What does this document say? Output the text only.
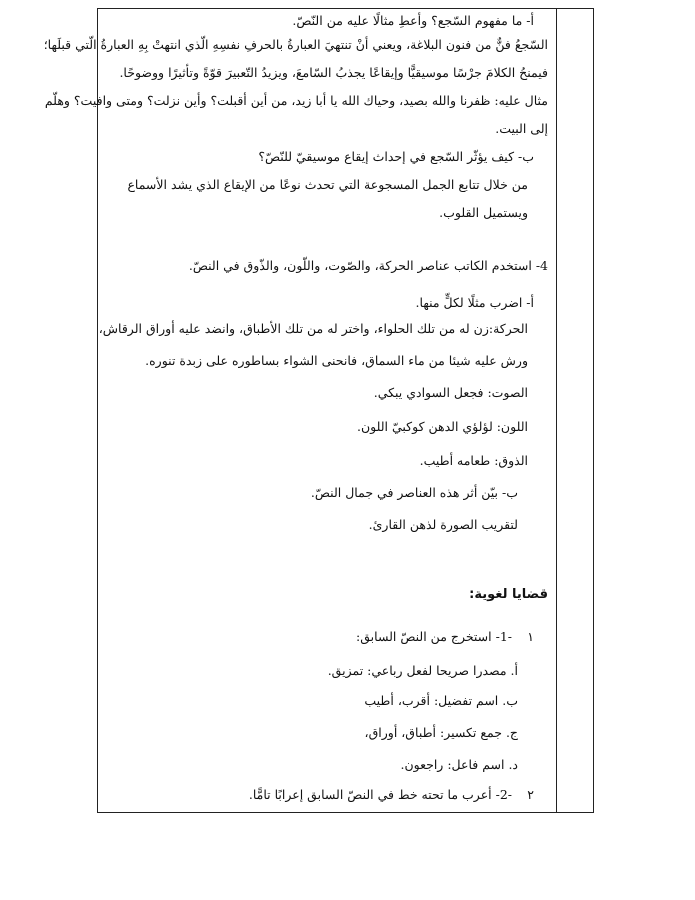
أ- ما مفهوم السّجع؟ وأعطِ مثالًا عليه من النّصّ.
السّجعُ فنٌّ من فنون البلاغة، ويعني أنْ تنتهيَ العبارةُ بالحرفِ نفسِهِ الّذي انتهتْ بِهِ العبارةُ الّتي قبلَها؛
فيمنحُ الكلامَ جرْسًا موسيقيًّا وإيقاعًا يجذبُ السّامعَ، ويزيدُ التّعبيرَ قوّةً وتأثيرًا ووضوحًا.
مثال عليه: ظفرنا والله بصيد، وحياك الله يا أبا زيد، من أين أقبلت؟ وأين نزلت؟ ومتى وافيت؟ وهلّم
إلى البيت.
ب- كيف يؤثّر السّجع في إحداث إيقاع موسيقيّ للنّصّ؟
من خلال تتابع الجمل المسجوعة التي تحدث نوعًا من الإيقاع الذي يشد الأسماع
ويستميل القلوب.
4- استخدم الكاتب عناصر الحركة، والصّوت، واللّون، والذّوق في النصّ.
أ- اضرب مثلًا لكلٍّ منها.
الحركة:زن له من تلك الحلواء، واختر له من تلك الأطباق، وانضد عليه أوراق الرقاش،
ورش عليه شيئا من ماء السماق، فانحنى الشواء بساطوره على زبدة تنوره.
الصوت: فجعل السوادي يبكي.
اللون: لؤلؤي الدهن كوكبيّ اللون.
الذوق: طعامه أطيب.
ب- بيّن أثر هذه العناصر في جمال النصّ.
لتقريب الصورة لذهن القارئ.
قضايا لغوية:
١ -1- استخرج من النصّ السابق:
أ. مصدرا صريحا لفعل رباعي: تمزيق.
ب. اسم تفضيل: أقرب، أطيب
ج. جمع تكسير: أطباق، أوراق،
د. اسم فاعل: راجعون.
٢ -2- أعرب ما تحته خط في النصّ السابق إعرابًا تامًّا.
